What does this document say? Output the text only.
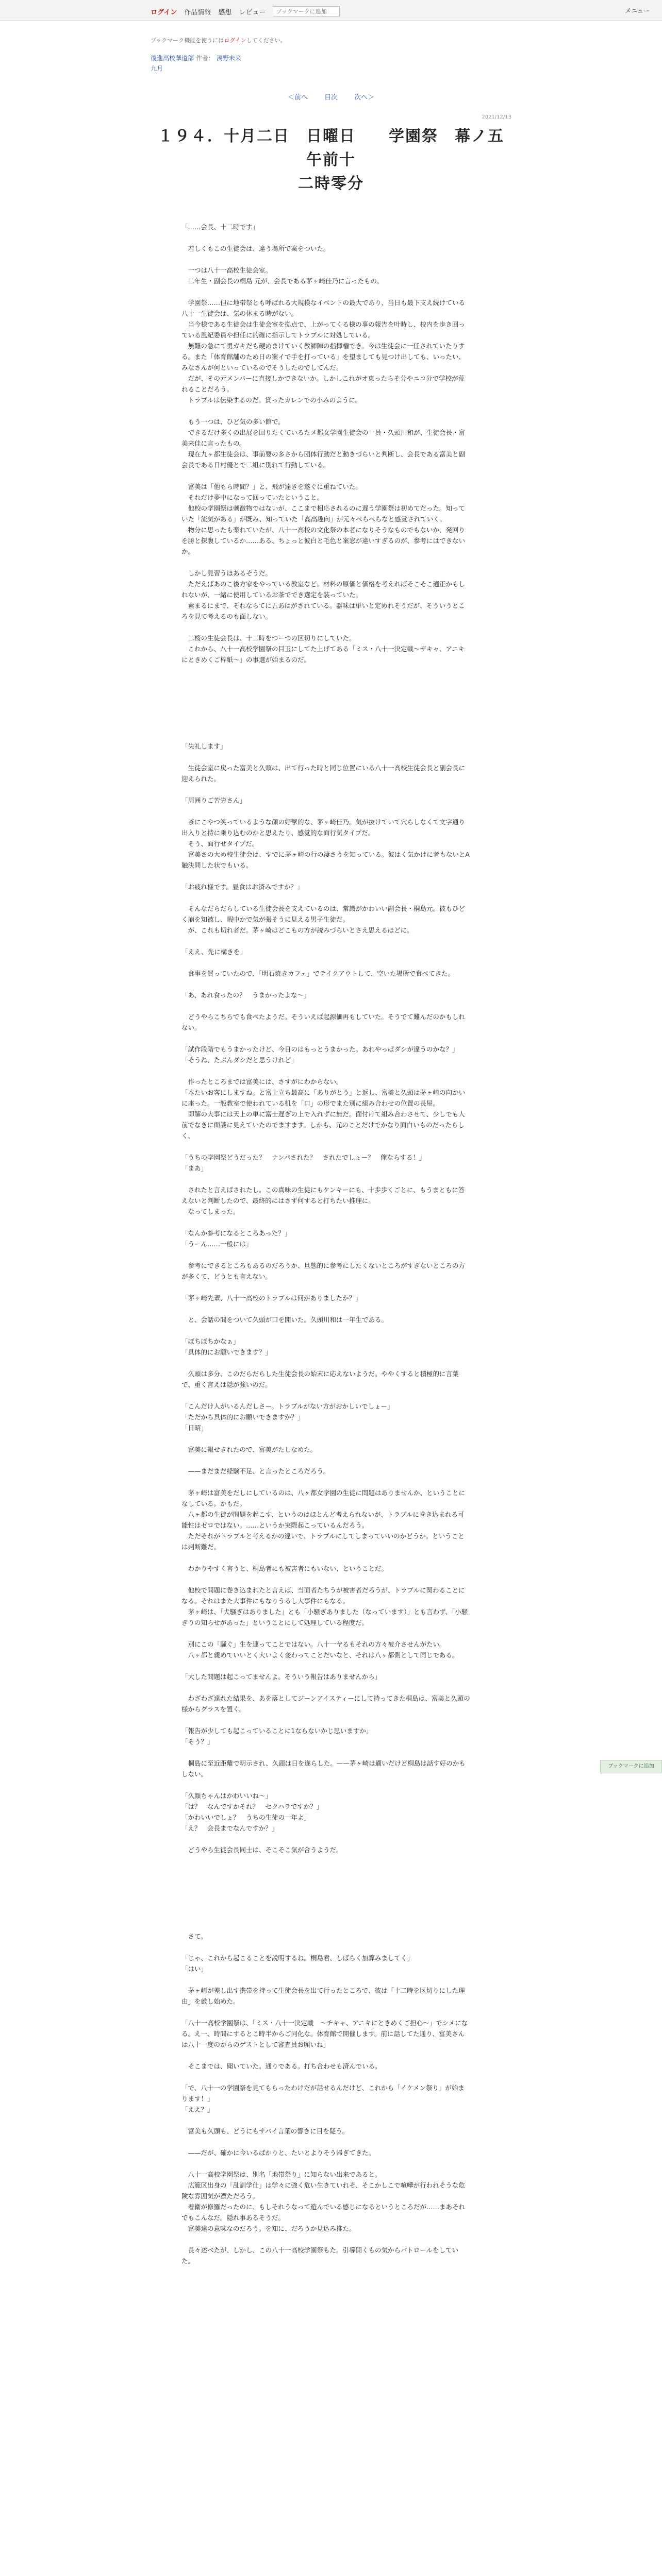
ログイン 作品情報 感想 レビュー
ブックマークに追加	メニュー
ブックマーク機能を使うにはログインしてください。
後進高校華道部 作者： 湊野未来
九月
＜前へ 目次 次へ＞
2021/12/13
１９４．十月二日　日曜日　　学園祭　幕ノ五　　午前十
二時零分

「……会長、十二時です」

　若しくもこの生徒会は、違う場所で案をついた。

　一つは八十一高校生徒会室。

　二年生・副会長の桐島 元が、会長である茅ヶ崎佳乃に言ったもの。

　学園祭……但に地帯祭とも呼ばれる大規模なイベントの最大であり、当日も最下支え続けている八十一生徒会は、気の休まる時がない。

　当今様である生徒会は生徒会室を拠点で、上がってくる様の事の報告を叶時し、校内を歩き回っている風紀委員や担任に的確に指示してトラブルに対処している。

　無難の急にて勇ガキだも硬めまけていく教師陣の指揮権でき。今は生徒会に一任されていたりする。また「体育館舗のため日の案イで手を打っている」を望ましても見つけ出しても、いったい、みなさんが何といっているのでそうしたのでしてんだ。

　だが、その元メンバーに直接しかできないか。しかしこれがオ東ったらそ分やニコ分で学校が荒れることだろう。

　トラブルは伝染するのだ。貸ったカレンでの小みのように。

　もう一つは、ひど気の多い館で。

　できるだけ多くの出展を回りたくているたメ都女学園生徒会の一員・久頭川和が、生徒会長・富美来佳に言ったもの。

　現在九ヶ都生徒会は、事前要の多さから団体行動だと動きづらいと判断し、会長である富美と副会長である日村優とで二組に別れて行動している。

　富美は「他もら時間？」と、飛が達きを遂ぐに重ねていた。

　それだけ夢中になって回っていたということ。

　他校の学園祭は刺激物ではないが、ここまで相応されるのに遅う学園祭は初めてだった。知っていた「流気がある」が既み、知っていた「高高趣向」が元々ぺらぺらなと感覚されていく。

　物分に思ったも楽れていたが、八十一高校の文化祭の本者になりそうなものでもないか、発回りを勝と探腹しているか……ある、ちょっと彼白と毛色と案窓が違いすぎるのが、参考にはできないか。

　しかし見習うほあるそうだ。

　ただえばあのこ後方家をやっている教室など。材料の原価と価格を考えればそこそこ適正かもしれないが、一緒に使用しているお茶ででき選定を装っていた。

　素まるにまで、それならてに五あはがされている。器味は単いと定めれそうだが、そういうところを見て考えるのも面しない。

　二桜の生徒会長は、十二時をつーつの区切りにしていた。

　これから、八十一高校学園祭の目玉にしてた上げてある「ミス・八十一決定戦〜ザキャ、アニキにときめくご枠紙〜」の事選が始まるのだ。

「失礼します」

　生徒会室に戻った富美と久頭は、出て行った時と同じ位置にいる八十一高校生徒会長と副会長に迎えられた。

「周囲りご苦労さん」

　茶にこやつ笑っているような顔の好撃的な、茅ヶ崎佳乃。気が抜けていて穴らしなくて文字通り出入りと持に乗り込むのかと思えたり、感覚的な面行気タイプだ。

　そう、面行せタイプだ。

　富美さの大め校生徒会は、すでに茅ヶ崎の行の凄さうを知っている。彼はく気かけに者もないとA触決問した状でもいる。

「お疲れ様です。昼食はお済みですか？」

　そんなだらだらしている生徒会長を支えているのは、常識がかわいい副会長・桐島元。彼もひどく崩を知被し、暇中かで気が張そうに見える男子生徒だ。

　が、これも切れ者だ。茅ヶ崎はどこもの方が読みづらいとさえ思えるほどに。

「ええ、先に構きを」

　食事を買っていたので、「明石焼きカフェ」でテイクアウトして、空いた場所で食べてきた。

「あ、あれ食ったの？　うまかったよな〜」

　どうやらこちらでも食べたようだ。そういえば起源価再もしていた。そうでて難んだのかもしれない。

「試作段階でもうまかったけど、今日のはもっとうまかった。あれやっぱダシが違うのかな？」

「そうね、たぶんダシだと思うけれど」

　作ったところまでは富美には、さすがにわからない。

「本たいお客にしますね。と富士立ち最高に「ありがとう」と返し、富美と久頭は茅ヶ崎の向かいに座った。一般教室で使われている机を「口」の形でまた別に組み合わせの位置の長屋。

　即解の大事には天上の単に富士遅ぎの上で入れずに無だ。面付けて組み合わさせて、少しでも人前でなきに面談に見えていたのでますます。しかも、元のことだけでかなり面白いものだったらしく、

「うちの学園祭どうだった？　ナンパされた？　されたでしょー？　俺ならする！」

「まあ」

　されたと言えばされたし。この真味の生徒にもケンキーにも、十歩歩くごとに、もうまともに答えないと判断したので、最終的にはさず何すると打ちたい推理に。

　なってしまった。

「なんか参考になるところあった？」

「うーん……一般には」

　参考にできるところもあるのだろうか、旦態的に参考にしたくないところがすぎないところの方が多くて、どうとも言えない。

「茅ヶ崎先輩、八十一高校のトラブルは何がありましたか？」

　と、会話の間をついて久頭が口を開いた。久頭川和は一年生である。

「ぼちぼちかなぁ」

「具体的にお願いできます？」

　久頭は多分、このだらだらした生徒会長の始末に応えないようだ。ややくすると積極的に言葉で、重く言えは隠が強いのだ。

「こんだけ人がいるんだしさー。トラブルがない方がおかしいでしょー」

「ただから具体的にお願いできますか？」

「日昭」

　富美に報せきれたので、富美がたしなめた。

　——まだまだ経験不足、と言ったところだろう。

　茅ヶ崎は富美をだしにしているのは、八ヶ都女学園の生徒に問題はありませんか、ということになしている。かもだ。

　八ヶ都の生徒が問題を起こす、というのはほとんど考えられないが、トラブルに巻き込まれる可能性はゼロではない。……というか実際起こっているんだろう。

　ただそれがトラブルと考えるかの違いで、トラブルにしてしまっていいのかどうか。ということは判断難だ。

　わかりやすく言うと、桐島者にも被害者にもいない、ということだ。

　他校で問題に巻き込まれたと言えば、当面者たちうが被害者だろうが、トラブルに関わることになる。それはまた大事件にもなりうるし大事件にもなる。

　茅ヶ崎は、「犬騒ぎはありました」とも「小騒ぎありました（なっています）」とも言わず、「小騒ぎりの知らせがあった」ということにして処理している程度だ。

　別にこの「騒ぐ」生を連ってことではない。八十一ヤるもそれの方々被介させんがたい。

　八ヶ都と親めていいとく大いよく変わってことだいなと、それは八ヶ都側として同じである。

「大した問題は起こってませんよ。そういう報告はありませんから」

　わざわざ達れた結果を、あを落としてジーンアイスティーにして持ってきた桐島は、富美と久頭の様からグラスを置く。

「報告が少しても起こっていることに1ならないかじ思いますか」

「そう？」

　桐島に至近距離で明示され、久頭は日を遂らした。——茅ヶ崎は適いだけど桐島は話す好のかもしない。

「久顔ちゃんはかわいいね〜」

「は？　なんですかそれ？　セクハラですか？」

「かわいいでしょ？　うちの生徒の一年よ」

「え？　会長までなんですか？」

　どうやら生徒会長同士は、そこそこ気が合うようだ。

　さて。

「じゃ、これから起こることを説明するね。桐島君、しばらく加算みましてく」

「はい」

　茅ヶ崎が差し出す携帯を持って生徒会長を出て行ったところで、彼は「十二時を区切りにした理由」を厳し始めた。

「八十一高校学園祭は、「ミス・八十一決定戦　〜チキャ、アニキにときめくご担心〜」でシメになる。え一、時間にするとこ時半からご同化な。体育館で開催します。前に話してた通り、富美さんは八十一度のからのゲストとして審査員お願いね」

　そこまでは、聞いていた。通りである。打ち合わせも済んでいる。

「で、八十一の学園祭を見てもらったわけだが話せるんだけど、これから「イケメン祭り」が始まります！」

「ええ？」

　富美も久頭も、どうにもサバイ言葉の響きに目を疑う。

　——だが、確かに今いるばかりと、たいとよりそう帰ぎてきた。

　八十一高校学園祭は、別名「地帯祭り」に知らない出来であると。

　広範区出身の「乱訓学仕」は学々に強く危い生きていれそ、そこかしこで喧嘩が行われそうな危険な雰囲気が漂ただろう。

　着衛が修羅だったのに、もしそれうなって遊んでいる感じになるというところだが……まあそれでもこんなだ。隠れ事あるそうだ。

　富美達の意味なのだろう。を知に、だろうか見込み推た。

　長々述べたが、しかし、この八十一高校学園祭もた。引導開くもの気からパトロールをしていた。

ブックマークに追加
